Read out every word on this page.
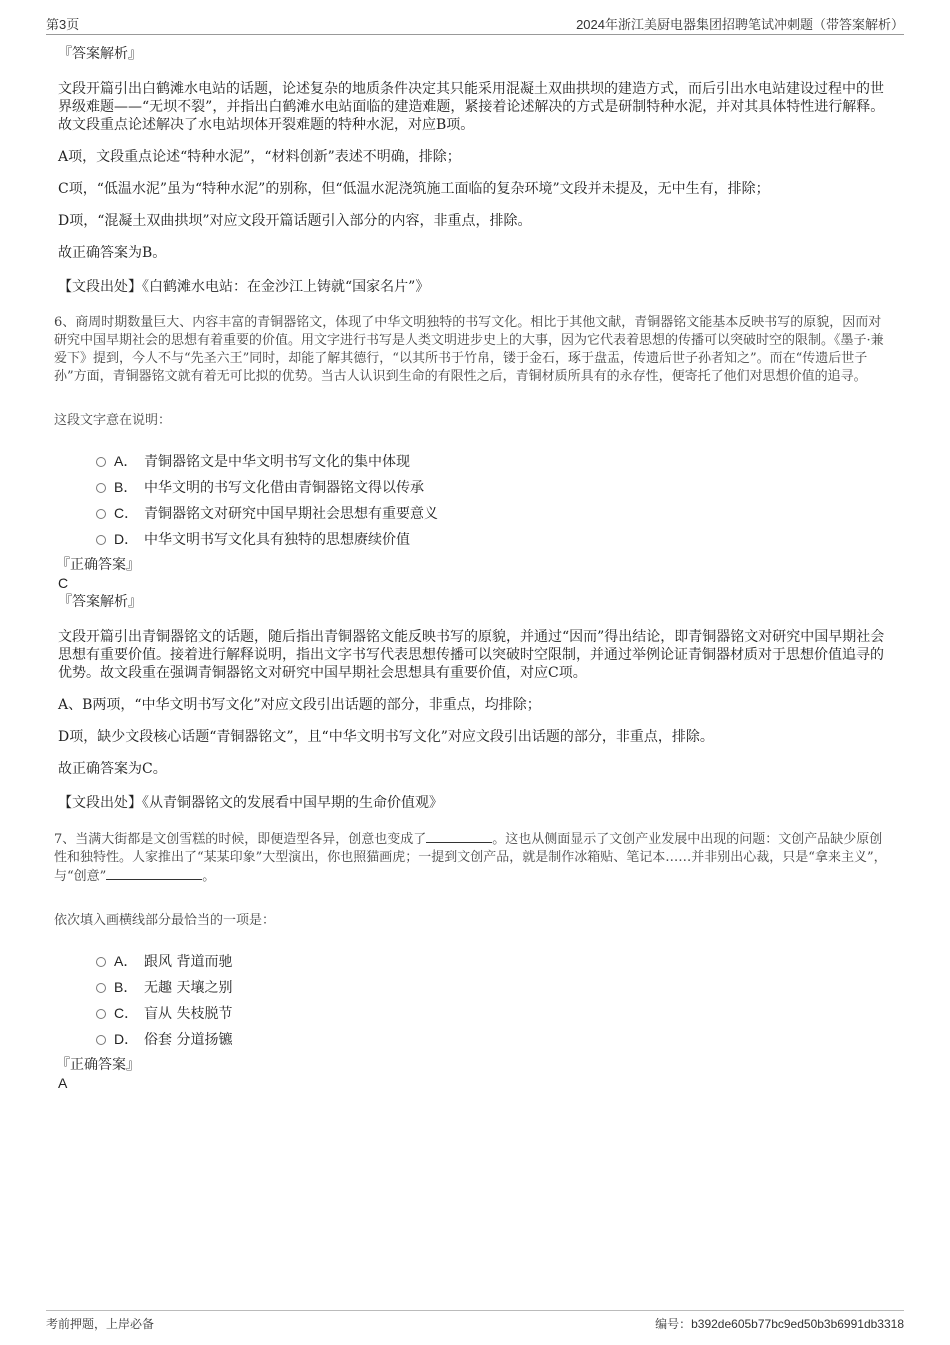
第3页	2024年浙江美厨电器集团招聘笔试冲刺题（带答案解析）
『答案解析』
文段开篇引出白鹤滩水电站的话题，论述复杂的地质条件决定其只能采用混凝土双曲拱坝的建造方式，而后引出水电站建设过程中的世界级难题——“无坝不裂”，并指出白鹤滩水电站面临的建造难题，紧接着论述解决的方式是研制特种水泥，并对其具体特性进行解释。故文段重点论述解决了水电站坝体开裂难题的特种水泥，对应B项。
A项，文段重点论述“特种水泥”，“材料创新”表述不明确，排除；
C项，“低温水泥”虽为“特种水泥”的别称，但“低温水泥浇筑施工面临的复杂环境”文段并未提及，无中生有，排除；
D项，“混凝土双曲拱坝”对应文段开篇话题引入部分的内容，非重点，排除。
故正确答案为B。
【文段出处】《白鹤滩水电站：在金沙江上铸就“国家名片”》
6、商周时期数量巨大、内容丰富的青铜器铭文，体现了中华文明独特的书写文化。相比于其他文献，青铜器铭文能基本反映书写的原貌，因而对研究中国早期社会的思想有着重要的价值。用文字进行书写是人类文明进步史上的大事，因为它代表着思想的传播可以突破时空的限制。《墨子·兼爱下》提到，今人不与“先圣六王”同时，却能了解其德行，“以其所书于竹帛，镂于金石，琢于盘盂，传遗后世子孙者知之”。而在“传遗后世子孙”方面，青铜器铭文就有着无可比拟的优势。当古人认识到生命的有限性之后，青铜材质所具有的永存性，便寄托了他们对思想价值的追寻。
这段文字意在说明：
A． 青铜器铭文是中华文明书写文化的集中体现
B． 中华文明的书写文化借由青铜器铭文得以传承
C． 青铜器铭文对研究中国早期社会思想有重要意义
D． 中华文明书写文化具有独特的思想赓续价值
『正确答案』
C
『答案解析』
文段开篇引出青铜器铭文的话题，随后指出青铜器铭文能反映书写的原貌，并通过“因而”得出结论，即青铜器铭文对研究中国早期社会思想有重要价值。接着进行解释说明，指出文字书写代表思想传播可以突破时空限制，并通过举例论证青铜器材质对于思想价值追寻的优势。故文段重在强调青铜器铭文对研究中国早期社会思想具有重要价值，对应C项。
A、B两项，“中华文明书写文化”对应文段引出话题的部分，非重点，均排除；
D项，缺少文段核心话题“青铜器铭文”，且“中华文明书写文化”对应文段引出话题的部分，非重点，排除。
故正确答案为C。
【文段出处】《从青铜器铭文的发展看中国早期的生命价值观》
7、当满大街都是文创雪糕的时候，即便造型各异，创意也变成了	。这也从侧面显示了文创产业发展中出现的问题：文创产品缺少原创性和独特性。人家推出了“某某印象”大型演出，你也照猫画虎；一提到文创产品，就是制作冰箱贴、笔记本……并非别出心裁，只是“拿来主义”，与“创意”	。
依次填入画横线部分最恰当的一项是：
A． 跟风 背道而驰
B． 无趣 天壤之别
C． 盲从 失枝脱节
D． 俗套 分道扬镳
『正确答案』
A
考前押题，上岸必备	编号：b392de605b77bc9ed50b3b6991db3318
